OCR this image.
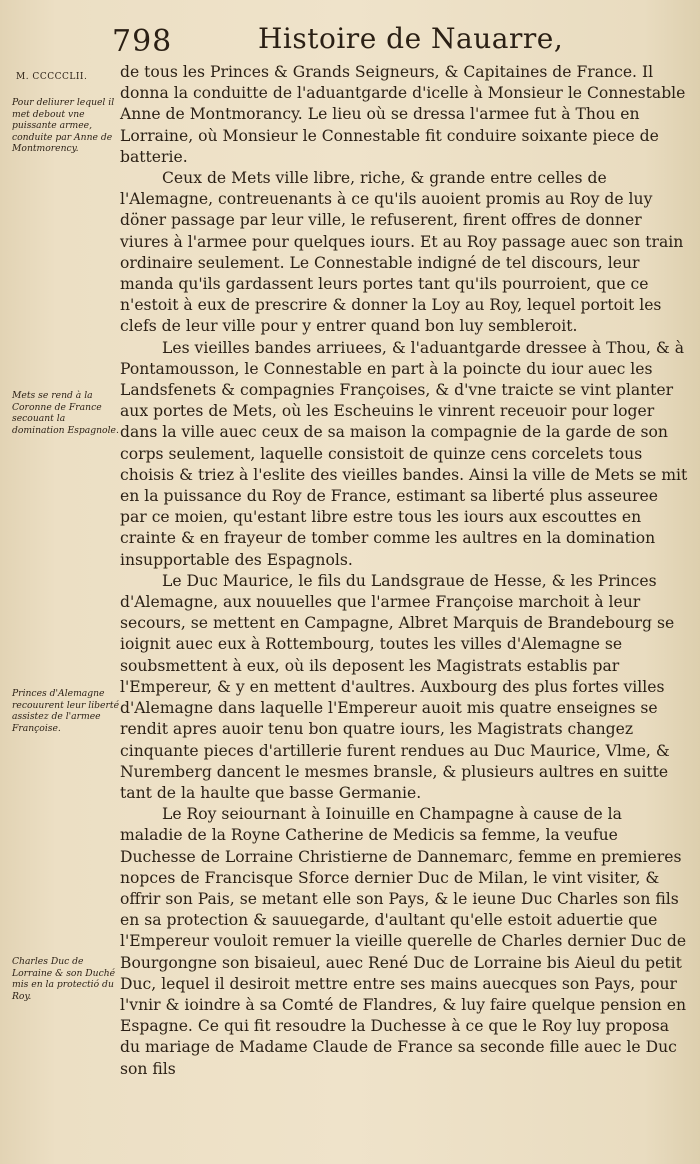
798	Histoire de Nauarre,
M. CCCCCLII.
Pour deliurer lequel il met debout vne puissante armee, conduite par Anne de Montmorency.
Mets se rend à la Coronne de France secouant la domination Espagnole.
Princes d'Alemagne recouurent leur liberté assistez de l'armee Françoise.
Charles Duc de Lorraine & son Duché mis en la protectió du Roy.

de tous les Princes & Grands Seigneurs, & Capitaines de France. Il donna la conduitte de l'aduantgarde d'icelle à Monsieur le Connestable Anne de Montmorancy. Le lieu où se dressa l'armee fut à Thou en Lorraine, où Monsieur le Connestable fit conduire soixante piece de batterie.

Ceux de Mets ville libre, riche, & grande entre celles de l'Alemagne, contreuenants à ce qu'ils auoient promis au Roy de luy döner passage par leur ville, le refuserent, firent offres de donner viures à l'armee pour quelques iours. Et au Roy passage auec son train ordinaire seulement. Le Connestable indigné de tel discours, leur manda qu'ils gardassent leurs portes tant qu'ils pourroient, que ce n'estoit à eux de prescrire & donner la Loy au Roy, lequel portoit les clefs de leur ville pour y entrer quand bon luy sembleroit.

Les vieilles bandes arriuees, & l'aduantgarde dressee à Thou, & à Pontamousson, le Connestable en part à la poincte du iour auec les Landsfenets & compagnies Françoises, & d'vne traicte se vint planter aux portes de Mets, où les Escheuins le vinrent receuoir pour loger dans la ville auec ceux de sa maison la compagnie de la garde de son corps seulement, laquelle consistoit de quinze cens corcelets tous choisis & triez à l'eslite des vieilles bandes. Ainsi la ville de Mets se mit en la puissance du Roy de France, estimant sa liberté plus asseuree par ce moien, qu'estant libre estre tous les iours aux escouttes en crainte & en frayeur de tomber comme les aultres en la domination insupportable des Espagnols.

Le Duc Maurice, le fils du Landsgraue de Hesse, & les Princes d'Alemagne, aux nouuelles que l'armee Françoise marchoit à leur secours, se mettent en Campagne, Albret Marquis de Brandebourg se ioignit auec eux à Rottembourg, toutes les villes d'Alemagne se soubsmettent à eux, où ils deposent les Magistrats establis par l'Empereur, & y en mettent d'aultres. Auxbourg des plus fortes villes d'Alemagne dans laquelle l'Empereur auoit mis quatre enseignes se rendit apres auoir tenu bon quatre iours, les Magistrats changez cinquante pieces d'artillerie furent rendues au Duc Maurice, Vlme, & Nuremberg dancent le mesmes bransle, & plusieurs aultres en suitte tant de la haulte que basse Germanie.

Le Roy seiournant à Ioinuille en Champagne à cause de la maladie de la Royne Catherine de Medicis sa femme, la veufue Duchesse de Lorraine Christierne de Dannemarc, femme en premieres nopces de Francisque Sforce dernier Duc de Milan, le vint visiter, & offrir son Pais, se metant elle son Pays, & le ieune Duc Charles son fils en sa protection & sauuegarde, d'aultant qu'elle estoit aduertie que l'Empereur vouloit remuer la vieille querelle de Charles dernier Duc de Bourgongne son bisaieul, auec René Duc de Lorraine bis Aieul du petit Duc, lequel il desiroit mettre entre ses mains auecques son Pays, pour l'vnir & ioindre à sa Comté de Flandres, & luy faire quelque pension en Espagne. Ce qui fit resoudre la Duchesse à ce que le Roy luy proposa du mariage de Madame Claude de France sa seconde fille auec le Duc son fils
